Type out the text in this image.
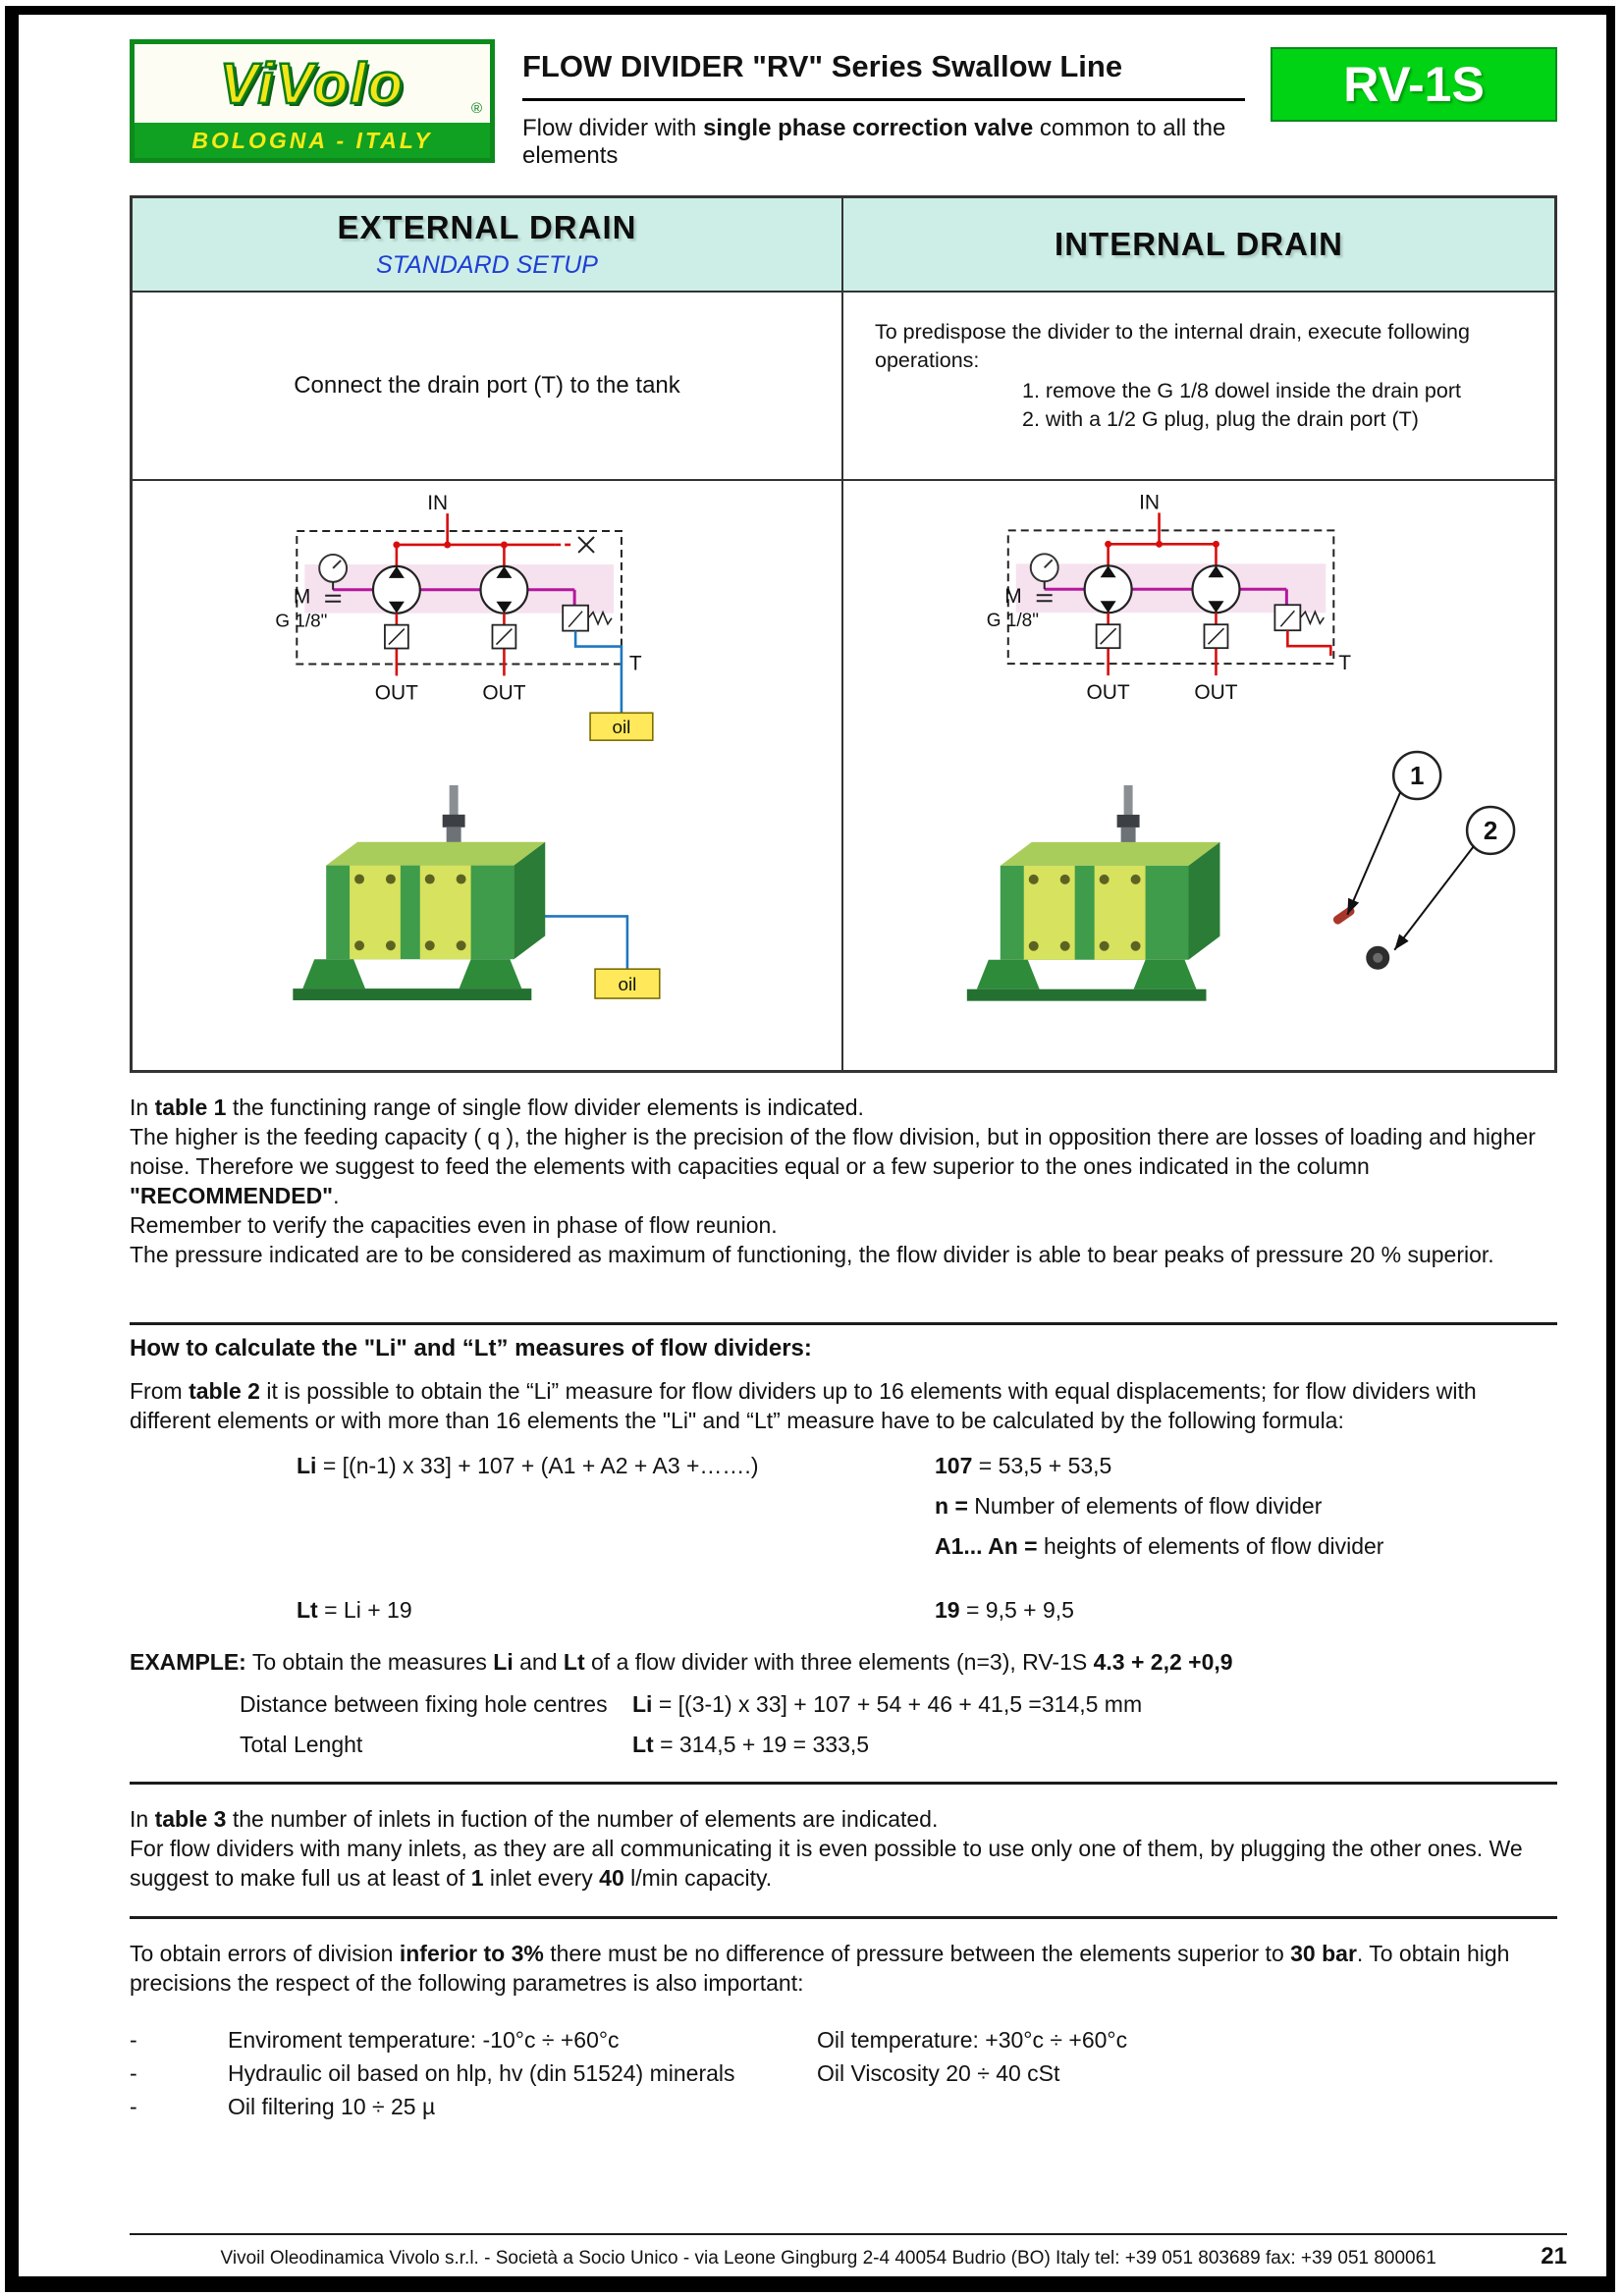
ViVolo	®
BOLOGNA - ITALY
FLOW DIVIDER "RV" Series Swallow Line
Flow divider with single phase correction valve common to all the elements
RV-1S
EXTERNAL DRAIN
STANDARD SETUP
INTERNAL DRAIN
Connect the drain port (T) to the tank
To predispose the divider to the internal drain, execute following operations:
1. remove the G 1/8 dowel inside the drain port
2. with a 1/2 G plug, plug the drain port (T)
IN
M
G 1/8"
OUT	OUT
T
oil
oil
IN
M
G 1/8"
OUT	OUT
T
1
2
In table 1 the functining range of single flow divider elements is indicated.
The higher is the feeding capacity ( q ), the higher is the precision of the flow division, but in opposition there are losses of loading and higher noise. Therefore we suggest to feed the elements with capacities equal or a few superior to the ones indicated in the column "RECOMMENDED".
Remember to verify the capacities even in phase of flow reunion.
The pressure indicated are to be considered as maximum of functioning, the flow divider is able to bear peaks of pressure 20 % superior.
How to calculate the "Li" and “Lt” measures of flow dividers:
From table 2 it is possible to obtain the “Li” measure for flow dividers up to 16 elements with equal displacements; for flow dividers with different elements or with more than 16 elements the "Li" and “Lt” measure have to be calculated by the following formula:
Li = [(n-1) x 33] + 107 + (A1 + A2 + A3 +…….)	107 = 53,5 + 53,5
n = Number of elements of flow divider
A1... An = heights of elements of flow divider
Lt = Li + 19	19 = 9,5 + 9,5
EXAMPLE: To obtain the measures Li and Lt of a flow divider with three elements (n=3), RV-1S 4.3 + 2,2 +0,9
Distance between fixing hole centres	Li = [(3-1) x 33] + 107 + 54 + 46 + 41,5 =314,5 mm
Total Lenght	Lt = 314,5 + 19 = 333,5
In table 3 the number of inlets in fuction of the number of elements are indicated.
For flow dividers with many inlets, as they are all communicating it is even possible to use only one of them, by plugging the other ones. We suggest to make full us at least of 1 inlet every 40 l/min capacity.
To obtain errors of division inferior to 3% there must be no difference of pressure between the elements superior to 30 bar. To obtain high precisions the respect of the following parametres is also important:
-	Enviroment temperature: -10°c ÷ +60°c	Oil temperature: +30°c ÷ +60°c
-	Hydraulic oil based on hlp, hv (din 51524) minerals	Oil Viscosity 20 ÷ 40 cSt
-	Oil filtering 10 ÷ 25 µ
Vivoil Oleodinamica Vivolo s.r.l. - Società a Socio Unico - via Leone Gingburg 2-4 40054 Budrio (BO) Italy tel: +39 051 803689 fax: +39 051 800061	21
